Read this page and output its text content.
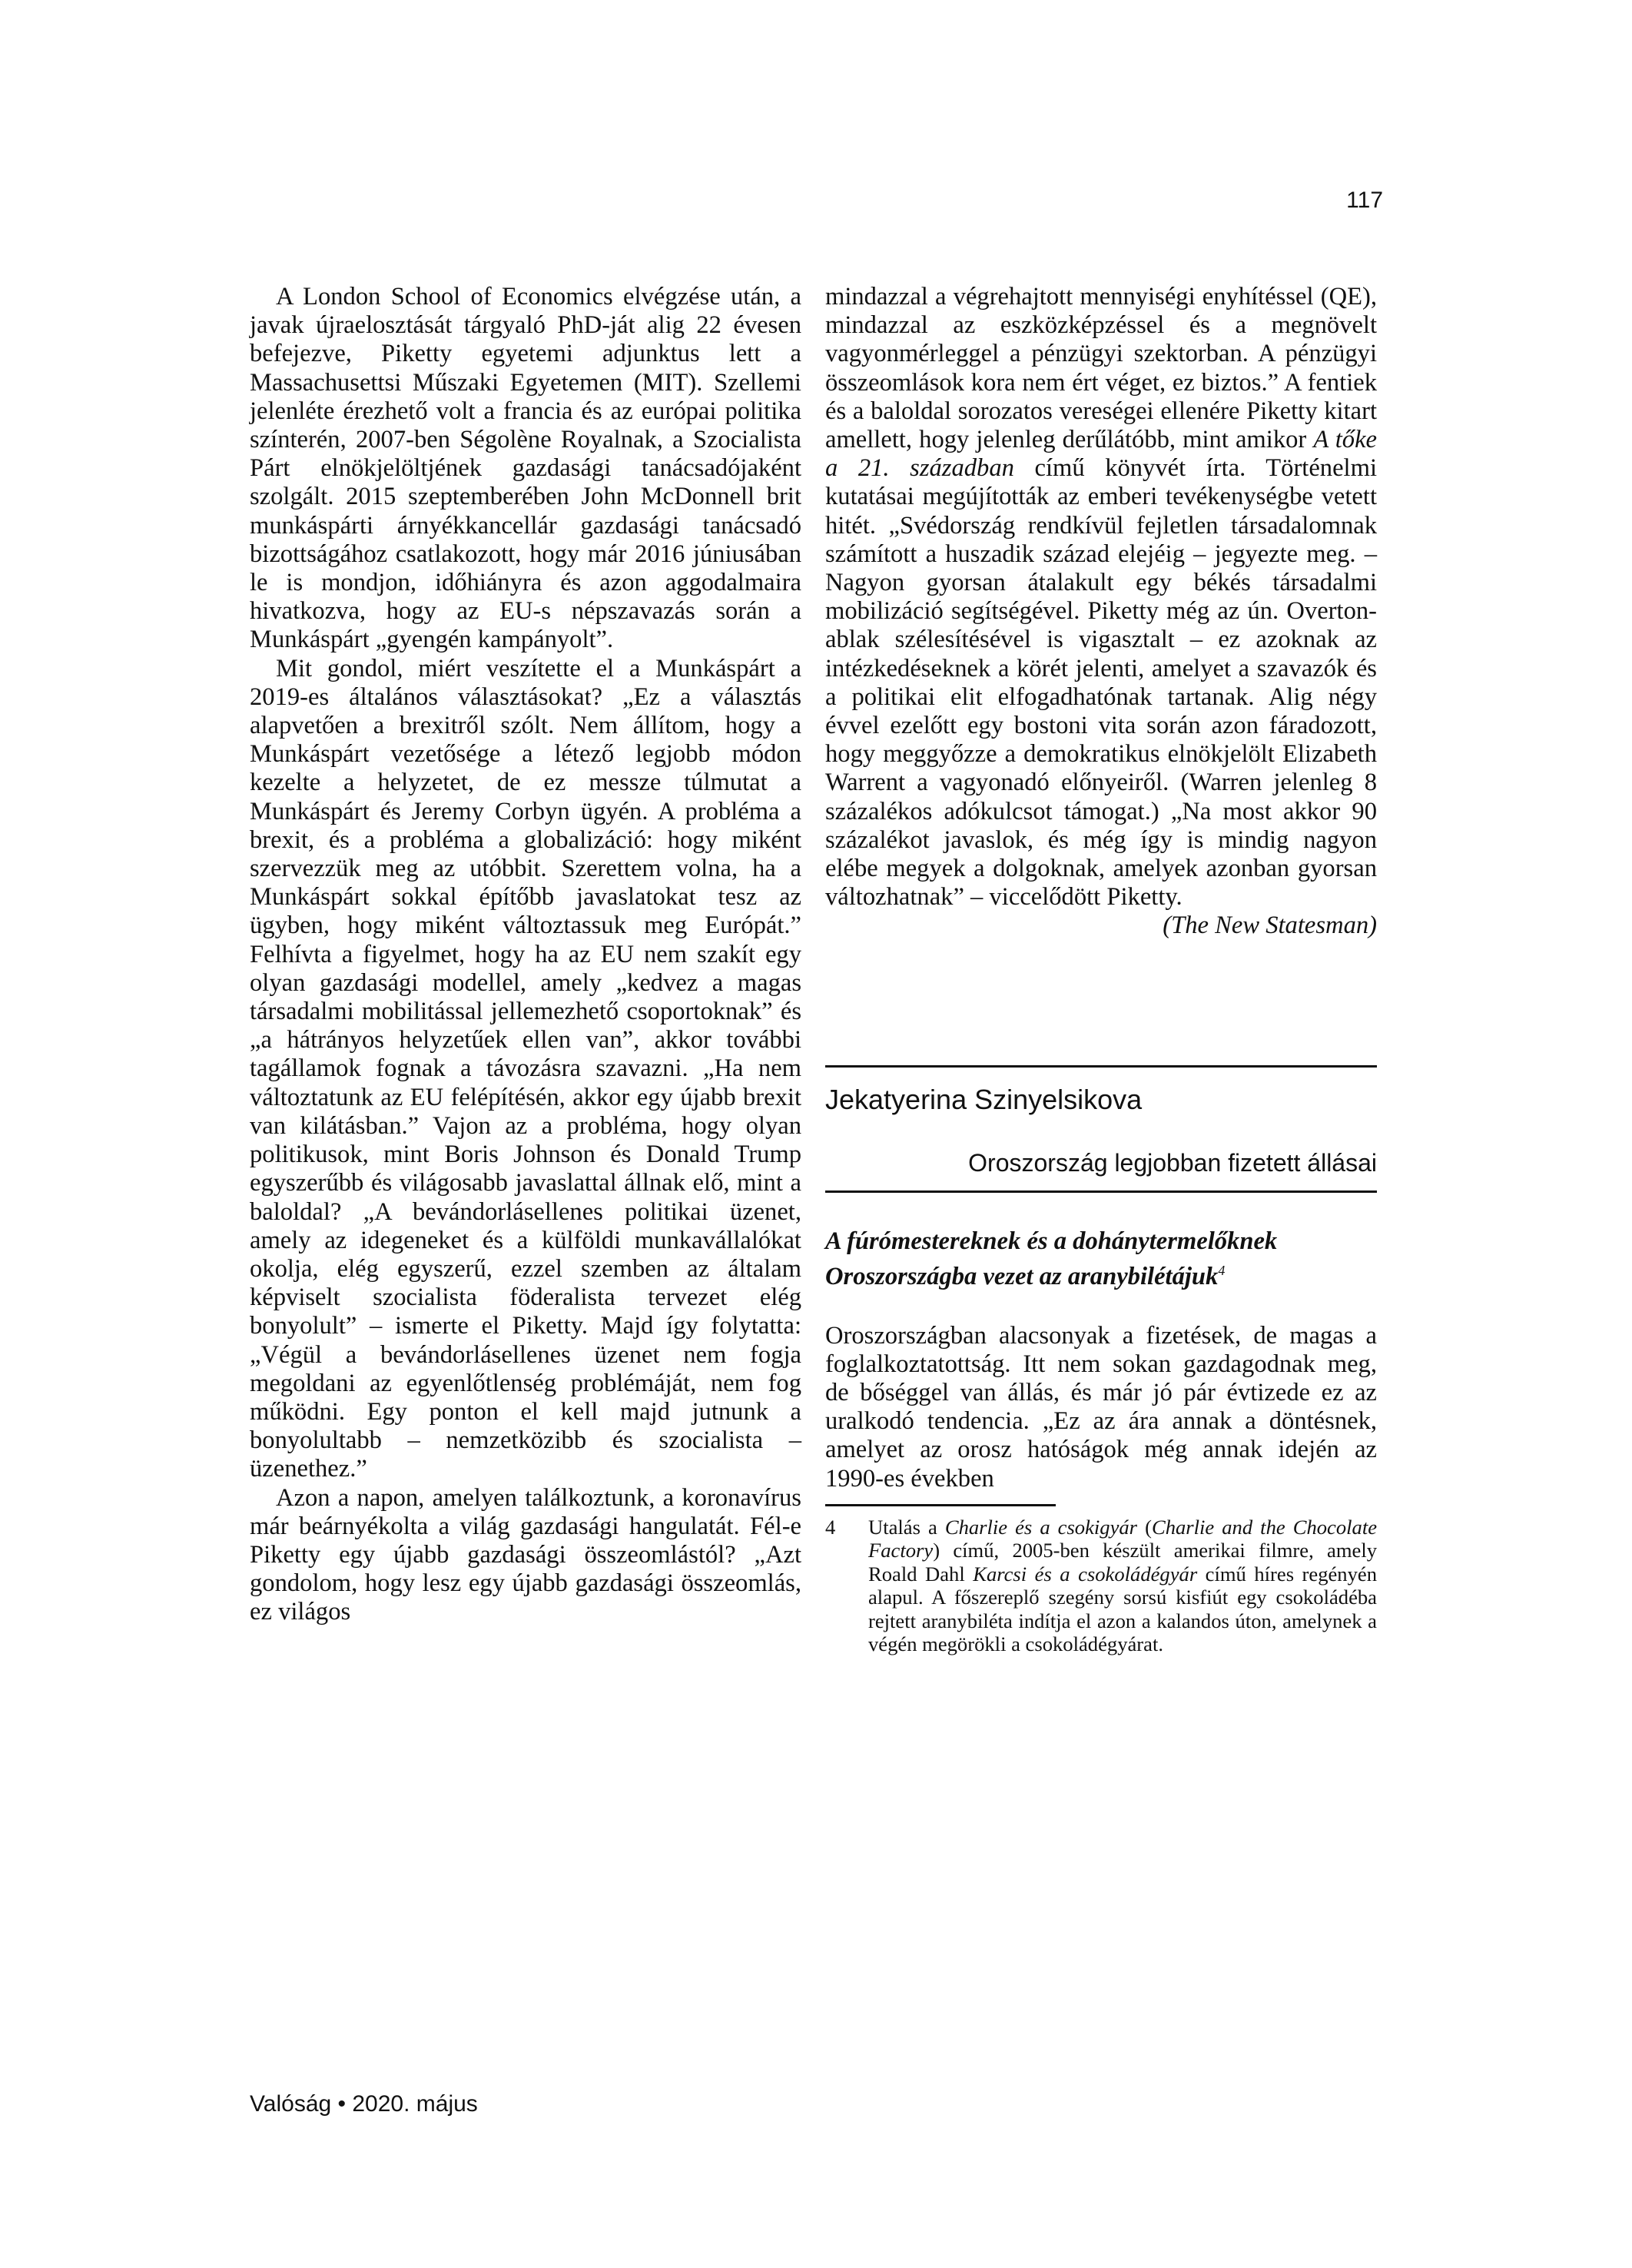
117

A London School of Economics elvégzése után, a javak újraelosztását tárgyaló PhD-ját alig 22 évesen befejezve, Piketty egyetemi adjunktus lett a Massachusettsi Műszaki Egyetemen (MIT). Szellemi jelenléte érezhető volt a francia és az európai politika színterén, 2007-ben Ségolène Royalnak, a Szocialista Párt elnökjelöltjének gazdasági tanácsadójaként szolgált. 2015 szeptemberében John McDonnell brit munkáspárti árnyékkancellár gazdasági tanácsadó bizottságához csatlakozott, hogy már 2016 júniusában le is mondjon, időhiányra és azon aggodalmaira hivatkozva, hogy az EU-s népszavazás során a Munkáspárt „gyengén kampányolt”.

Mit gondol, miért veszítette el a Munkáspárt a 2019-es általános választásokat? „Ez a választás alapvetően a brexitről szólt. Nem állítom, hogy a Munkáspárt vezetősége a létező legjobb módon kezelte a helyzetet, de ez messze túlmutat a Munkáspárt és Jeremy Corbyn ügyén. A probléma a brexit, és a probléma a globalizáció: hogy miként szervezzük meg az utóbbit. Szerettem volna, ha a Munkáspárt sokkal építőbb javaslatokat tesz az ügyben, hogy miként változtassuk meg Európát.” Felhívta a figyelmet, hogy ha az EU nem szakít egy olyan gazdasági modellel, amely „kedvez a magas társadalmi mobilitással jellemezhető csoportoknak” és „a hátrányos helyzetűek ellen van”, akkor további tagállamok fognak a távozásra szavazni. „Ha nem változtatunk az EU felépítésén, akkor egy újabb brexit van kilátásban.” Vajon az a probléma, hogy olyan politikusok, mint Boris Johnson és Donald Trump egyszerűbb és világosabb javaslattal állnak elő, mint a baloldal? „A bevándorlásellenes politikai üzenet, amely az idegeneket és a külföldi munkavállalókat okolja, elég egyszerű, ezzel szemben az általam képviselt szocialista föderalista tervezet elég bonyolult” – ismerte el Piketty. Majd így folytatta: „Végül a bevándorlásellenes üzenet nem fogja megoldani az egyenlőtlenség problémáját, nem fog működni. Egy ponton el kell majd jutnunk a bonyolultabb – nemzetközibb és szocialista – üzenethez.”

Azon a napon, amelyen találkoztunk, a koronavírus már beárnyékolta a világ gazdasági hangulatát. Fél-e Piketty egy újabb gazdasági összeomlástól? „Azt gondolom, hogy lesz egy újabb gazdasági összeomlás, ez világos

mindazzal a végrehajtott mennyiségi enyhítéssel (QE), mindazzal az eszközképzéssel és a megnövelt vagyonmérleggel a pénzügyi szektorban. A pénzügyi összeomlások kora nem ért véget, ez biztos.” A fentiek és a baloldal sorozatos vereségei ellenére Piketty kitart amellett, hogy jelenleg derűlátóbb, mint amikor A tőke a 21. században című könyvét írta. Történelmi kutatásai megújították az emberi tevékenységbe vetett hitét. „Svédország rendkívül fejletlen társadalomnak számított a huszadik század elejéig – jegyezte meg. – Nagyon gyorsan átalakult egy békés társadalmi mobilizáció segítségével. Piketty még az ún. Overton-ablak szélesítésével is vigasztalt – ez azoknak az intézkedéseknek a körét jelenti, amelyet a szavazók és a politikai elit elfogadhatónak tartanak. Alig négy évvel ezelőtt egy bostoni vita során azon fáradozott, hogy meggyőzze a demokratikus elnökjelölt Elizabeth Warrent a vagyonadó előnyeiről. (Warren jelenleg 8 százalékos adókulcsot támogat.) „Na most akkor 90 százalékot javaslok, és még így is mindig nagyon elébe megyek a dolgoknak, amelyek azonban gyorsan változhatnak” – viccelődött Piketty.

(The New Statesman)

Jekatyerina Szinyelsikova
Oroszország legjobban fizetett állásai

A fúrómestereknek és a dohánytermelőknek Oroszországba vezet az aranybilétájuk$^4$

Oroszországban alacsonyak a fizetések, de magas a foglalkoztatottság. Itt nem sokan gazdagodnak meg, de bőséggel van állás, és már jó pár évtizede ez az uralkodó tendencia. „Ez az ára annak a döntésnek, amelyet az orosz hatóságok még annak idején az 1990-es években

4	Utalás a Charlie és a csokigyár (Charlie and the Chocolate Factory) című, 2005-ben készült amerikai filmre, amely Roald Dahl Karcsi és a csokoládégyár című híres regényén alapul. A főszereplő szegény sorsú kisfiút egy csokoládéba rejtett aranybiléta indítja el azon a kalandos úton, amelynek a végén megörökli a csokoládégyárat.
Valóság • 2020. május
